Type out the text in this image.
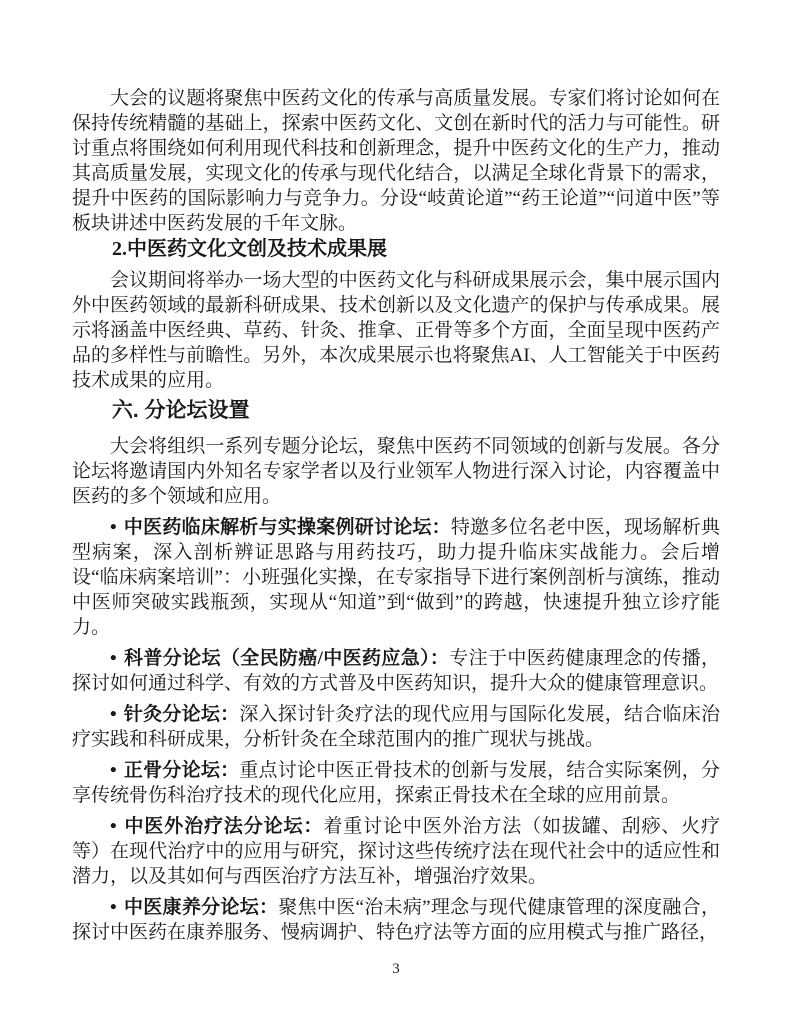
大会的议题将聚焦中医药文化的传承与高质量发展。专家们将讨论如何在保持传统精髓的基础上，探索中医药文化、文创在新时代的活力与可能性。研讨重点将围绕如何利用现代科技和创新理念，提升中医药文化的生产力，推动其高质量发展，实现文化的传承与现代化结合，以满足全球化背景下的需求，提升中医药的国际影响力与竞争力。分设“岐黄论道”“药王论道”“问道中医”等板块讲述中医药发展的千年文脉。

2.中医药文化文创及技术成果展

会议期间将举办一场大型的中医药文化与科研成果展示会，集中展示国内外中医药领域的最新科研成果、技术创新以及文化遗产的保护与传承成果。展示将涵盖中医经典、草药、针灸、推拿、正骨等多个方面，全面呈现中医药产品的多样性与前瞻性。另外，本次成果展示也将聚焦AI、人工智能关于中医药技术成果的应用。

六. 分论坛设置

大会将组织一系列专题分论坛，聚焦中医药不同领域的创新与发展。各分论坛将邀请国内外知名专家学者以及行业领军人物进行深入讨论，内容覆盖中医药的多个领域和应用。

• 中医药临床解析与实操案例研讨论坛：特邀多位名老中医，现场解析典型病案，深入剖析辨证思路与用药技巧，助力提升临床实战能力。会后增设“临床病案培训”：小班强化实操，在专家指导下进行案例剖析与演练，推动中医师突破实践瓶颈，实现从“知道”到“做到”的跨越，快速提升独立诊疗能力。

• 科普分论坛（全民防癌/中医药应急）：专注于中医药健康理念的传播，探讨如何通过科学、有效的方式普及中医药知识，提升大众的健康管理意识。

• 针灸分论坛：深入探讨针灸疗法的现代应用与国际化发展，结合临床治疗实践和科研成果，分析针灸在全球范围内的推广现状与挑战。

• 正骨分论坛：重点讨论中医正骨技术的创新与发展，结合实际案例，分享传统骨伤科治疗技术的现代化应用，探索正骨技术在全球的应用前景。

• 中医外治疗法分论坛：着重讨论中医外治方法（如拔罐、刮痧、火疗等）在现代治疗中的应用与研究，探讨这些传统疗法在现代社会中的适应性和潜力，以及其如何与西医治疗方法互补，增强治疗效果。

• 中医康养分论坛：聚焦中医“治未病”理念与现代健康管理的深度融合，探讨中医药在康养服务、慢病调护、特色疗法等方面的应用模式与推广路径，

3
